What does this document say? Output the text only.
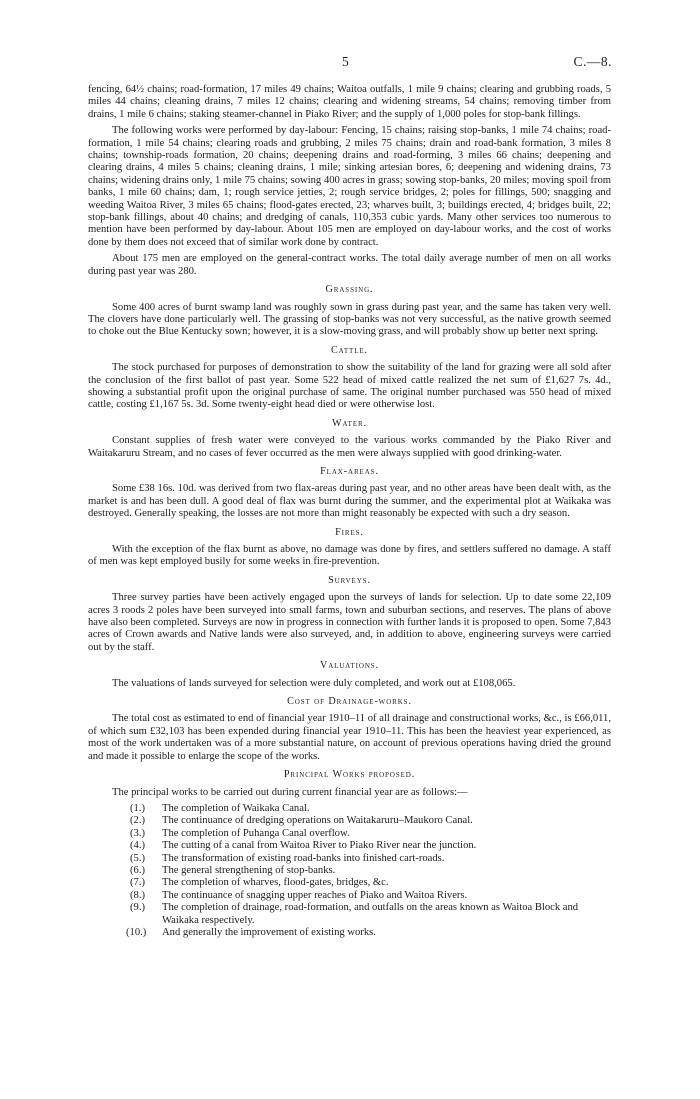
5	C.—8.

fencing, 64½ chains; road-formation, 17 miles 49 chains; Waitoa outfalls, 1 mile 9 chains; clearing and grubbing roads, 5 miles 44 chains; cleaning drains, 7 miles 12 chains; clearing and widening streams, 54 chains; removing timber from drains, 1 mile 6 chains; staking steamer-channel in Piako River; and the supply of 1,000 poles for stop-bank fillings.

The following works were performed by day-labour: Fencing, 15 chains; raising stop-banks, 1 mile 74 chains; road-formation, 1 mile 54 chains; clearing roads and grubbing, 2 miles 75 chains; drain and road-bank formation, 3 miles 8 chains; township-roads formation, 20 chains; deepening drains and road-forming, 3 miles 66 chains; deepening and clearing drains, 4 miles 5 chains; cleaning drains, 1 mile; sinking artesian bores, 6; deepening and widening drains, 73 chains; widening drains only, 1 mile 75 chains; sowing 400 acres in grass; sowing stop-banks, 20 miles; moving spoil from banks, 1 mile 60 chains; dam, 1; rough service jetties, 2; rough service bridges, 2; poles for fillings, 500; snagging and weeding Waitoa River, 3 miles 65 chains; flood-gates erected, 23; wharves built, 3; buildings erected, 4; bridges built, 22; stop-bank fillings, about 40 chains; and dredging of canals, 110,353 cubic yards. Many other services too numerous to mention have been performed by day-labour. About 105 men are employed on day-labour works, and the cost of works done by them does not exceed that of similar work done by contract.

About 175 men are employed on the general-contract works. The total daily average number of men on all works during past year was 280.

Grassing.

Some 400 acres of burnt swamp land was roughly sown in grass during past year, and the same has taken very well. The clovers have done particularly well. The grassing of stop-banks was not very successful, as the native growth seemed to choke out the Blue Kentucky sown; however, it is a slow-moving grass, and will probably show up better next spring.

Cattle.

The stock purchased for purposes of demonstration to show the suitability of the land for grazing were all sold after the conclusion of the first ballot of past year. Some 522 head of mixed cattle realized the net sum of £1,627 7s. 4d., showing a substantial profit upon the original purchase of same. The original number purchased was 550 head of mixed cattle, costing £1,167 5s. 3d. Some twenty-eight head died or were otherwise lost.

Water.

Constant supplies of fresh water were conveyed to the various works commanded by the Piako River and Waitakaruru Stream, and no cases of fever occurred as the men were always supplied with good drinking-water.

Flax-areas.

Some £38 16s. 10d. was derived from two flax-areas during past year, and no other areas have been dealt with, as the market is and has been dull. A good deal of flax was burnt during the summer, and the experimental plot at Waikaka was destroyed. Generally speaking, the losses are not more than might reasonably be expected with such a dry season.

Fires.

With the exception of the flax burnt as above, no damage was done by fires, and settlers suffered no damage. A staff of men was kept employed busily for some weeks in fire-prevention.

Surveys.

Three survey parties have been actively engaged upon the surveys of lands for selection. Up to date some 22,109 acres 3 roods 2 poles have been surveyed into small farms, town and suburban sections, and reserves. The plans of above have also been completed. Surveys are now in progress in connection with further lands it is proposed to open. Some 7,843 acres of Crown awards and Native lands were also surveyed, and, in addition to above, engineering surveys were carried out by the staff.

Valuations.

The valuations of lands surveyed for selection were duly completed, and work out at £108,065.

Cost of Drainage-works.

The total cost as estimated to end of financial year 1910–11 of all drainage and constructional works, &c., is £66,011, of which sum £32,103 has been expended during financial year 1910–11. This has been the heaviest year experienced, as most of the work undertaken was of a more substantial nature, on account of previous operations having dried the ground and made it possible to enlarge the scope of the works.

Principal Works proposed.

The principal works to be carried out during current financial year are as follows:—

(1.) The completion of Waikaka Canal.
(2.) The continuance of dredging operations on Waitakaruru–Maukoro Canal.
(3.) The completion of Puhanga Canal overflow.
(4.) The cutting of a canal from Waitoa River to Piako River near the junction.
(5.) The transformation of existing road-banks into finished cart-roads.
(6.) The general strengthening of stop-banks.
(7.) The completion of wharves, flood-gates, bridges, &c.
(8.) The continuance of snagging upper reaches of Piako and Waitoa Rivers.
(9.) The completion of drainage, road-formation, and outfalls on the areas known as Waitoa Block and Waikaka respectively.
(10.) And generally the improvement of existing works.
